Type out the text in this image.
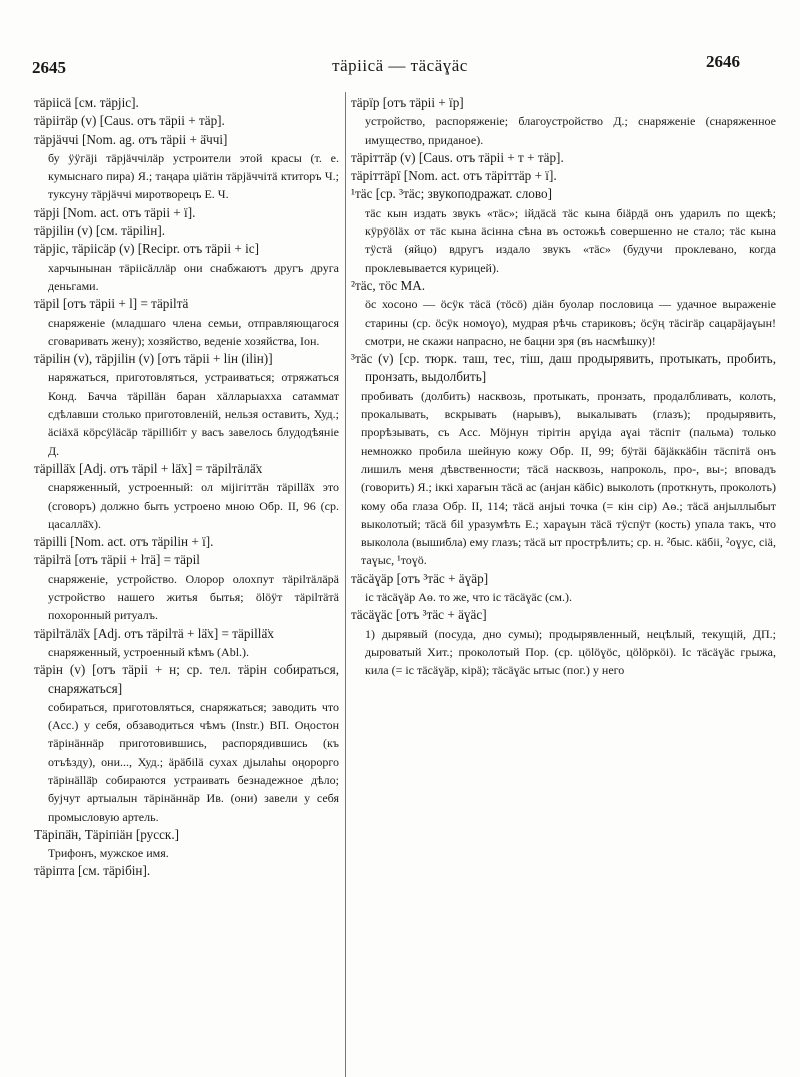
2645	тäріісä — тäсäɣäс	2646

тäріісä [см. тäрјіс].

тäріітäр (v) [Caus. отъ тäріі + тäр].

тäрјäччі [Nom. ag. отъ тäріі + ä̈ччі]

бу ӱӱгäјі тäрјäччілäр устроители этой красы (т. е. кумыснаго пира) Я.; таңара џіäтін тäрјäччітä ктиторъ Ч.; туксуну тäрјäччі миротворецъ Е. Ч.

тäрјі [Nom. act. отъ тäріі + ï].

тäрјіlін (v) [см. тäріlін].

тäрјіс, тäріісäр (v) [Recipr. отъ тäріі + іс]

харчынынан тäріісäллäр они снабжаютъ другъ друга деньгами.

тäріl [отъ тäріі + l] = тäріlтä

снаряженіе (младшаго члена семьи, отправляющагося сговаривать жену); хозяйство, веденіе хозяйства, Іон.

тäріlін (v), тäрјіlін (v) [отъ тäріі + lін (іlін)]

наряжаться, приготовляться, устраиваться; отряжаться Конд. Бачча тäріlläн баран хäлларыахха сатаммат сдѣлавши столько приготовленій, нельзя оставить, Худ.; äсіäхä кöрсӱläсäр тäріllібіт у васъ завелось блудодѣяніе Д.

тäріllä̈х [Adj. отъ тäріl + lä̈х] = тäріlтäлä̈х

снаряженный, устроенный: ол міјігіттäн тäріllä̈х это (сговоръ) должно быть устроено мною Обр. II, 96 (ср. цасаллä̈х).

тäріllі [Nom. act. отъ тäріlін + ï].

тäріlтä [отъ тäріі + lтä] = тäріl

снаряженіе, устройство. Олорор олохпут тäріlтäлäрä устройство нашего житья бытья; ölӧӱт тäріlтäтä похоронный ритуалъ.

тäріlтäлä̈х [Adj. отъ тäріlтä + lä̈х] = тäріllä̈х

снаряженный, устроенный кѣмъ (Abl.).

тäрін (v) [отъ тäріі + н; ср. тел. тäрін собираться, снаряжаться]

собираться, приготовляться, снаряжаться; заводить что (Acc.) у себя, обзаводиться чѣмъ (Instr.) ВП. Оңостон тäрінäннäр приготовившись, распорядившись (къ отъѣзду), они..., Худ.; äрäбіlä сухах дјылаһы оңорорго тäрінällä̈р собираются устраивать безнадежное дѣло; бујчут артыалын тäрінäннäр Ив. (они) завели у себя промысловую артель.

Тäріпä̈н, Тäріпіäн [русск.]

Трифонъ, мужское имя.

тäріпта [см. тäрібін].

тäрїр [отъ тäріі + їр]

устройство, распоряженіе; благоустройство Д.; снаряженіе (снаряженное имущество, приданое).

тäріттäр (v) [Caus. отъ тäріі + т + тäр].

тäріттäрї [Nom. act. отъ тäріттäр + ï].

¹тäс [ср. ³тäс; звукоподражат. слово]

тäс кын издать звукъ «тäс»; ійдäсä тäс кына біäрдä онъ ударилъ по щекѣ; кӱрӱöläх от тäс кына äсінна сѣна въ остожьѣ совершенно не стало; тäс кына тӱстä (яйцо) вдругъ издало звукъ «тäс» (будучи проклевано, когда проклевывается курицей).

²тäс, тöс МА.

öс хосоно — öсӱк тäсä (тöсö) діäн буолар пословица — удачное выраженіе старины (ср. öсӱк номоɣо), мудрая рѣчь стариковъ; öсӱң тäсігäр сацарäјаɣын! смотри, не скажи напрасно, не бацни зря (въ насмѣшку)!

³тäс (v) [ср. тюрк. таш, тес, тiш, даш продырявить, протыкать, пробить, пронзать, выдолбить]

пробивать (долбить) насквозь, протыкать, пронзать, продалбливать, колоть, прокалывать, вскрывать (нарывъ), выкалывать (глазъ); продырявить, прорѣзывать, съ Acc. Мöјнун тірітін арɣіда аɣаі тäспіт (пальма) только немножко пробила шейную кожу Обр. II, 99; бӱтäі бäјäккäбін тäспітä онъ лишилъ меня дѣвственности; тäсä насквозь, напроколь, про-, вы-; вповадъ (говорить) Я.; іккі харағын тäсä ас (анјан кäбіс) выколоть (проткнуть, проколоть) кому оба глаза Обр. II, 114; тäсä анјыі точка (= кін сір) Аө.; тäсä анјыллыбыт выколотый; тäсä біl уразумѣть Е.; хараɣын тäсä тӱспӱт (кость) упала такъ, что выколола (вышибла) ему глазъ; тäсä ыт прострѣлить; ср. н. ²быс. кäбіі, ²оɣус, сіä, таɣыс, ¹тоɣö.

тäсäɣäр [отъ ³тäс + äɣäр]

іс тäсäɣäр Аө. то же, что іс тäсäɣäс (см.).

тäсäɣäс [отъ ³тäс + äɣäс]

1) дырявый (посуда, дно сумы); продырявленный, нецѣлый, текущій, ДП.; дыроватый Хит.; проколотый Пор. (ср. цölöɣöс, цölöркöі). Іс тäсäɣäс грыжа, кила (= іс тäсäɣäр, кірä); тäсäɣäс ытыс (пог.) у него
